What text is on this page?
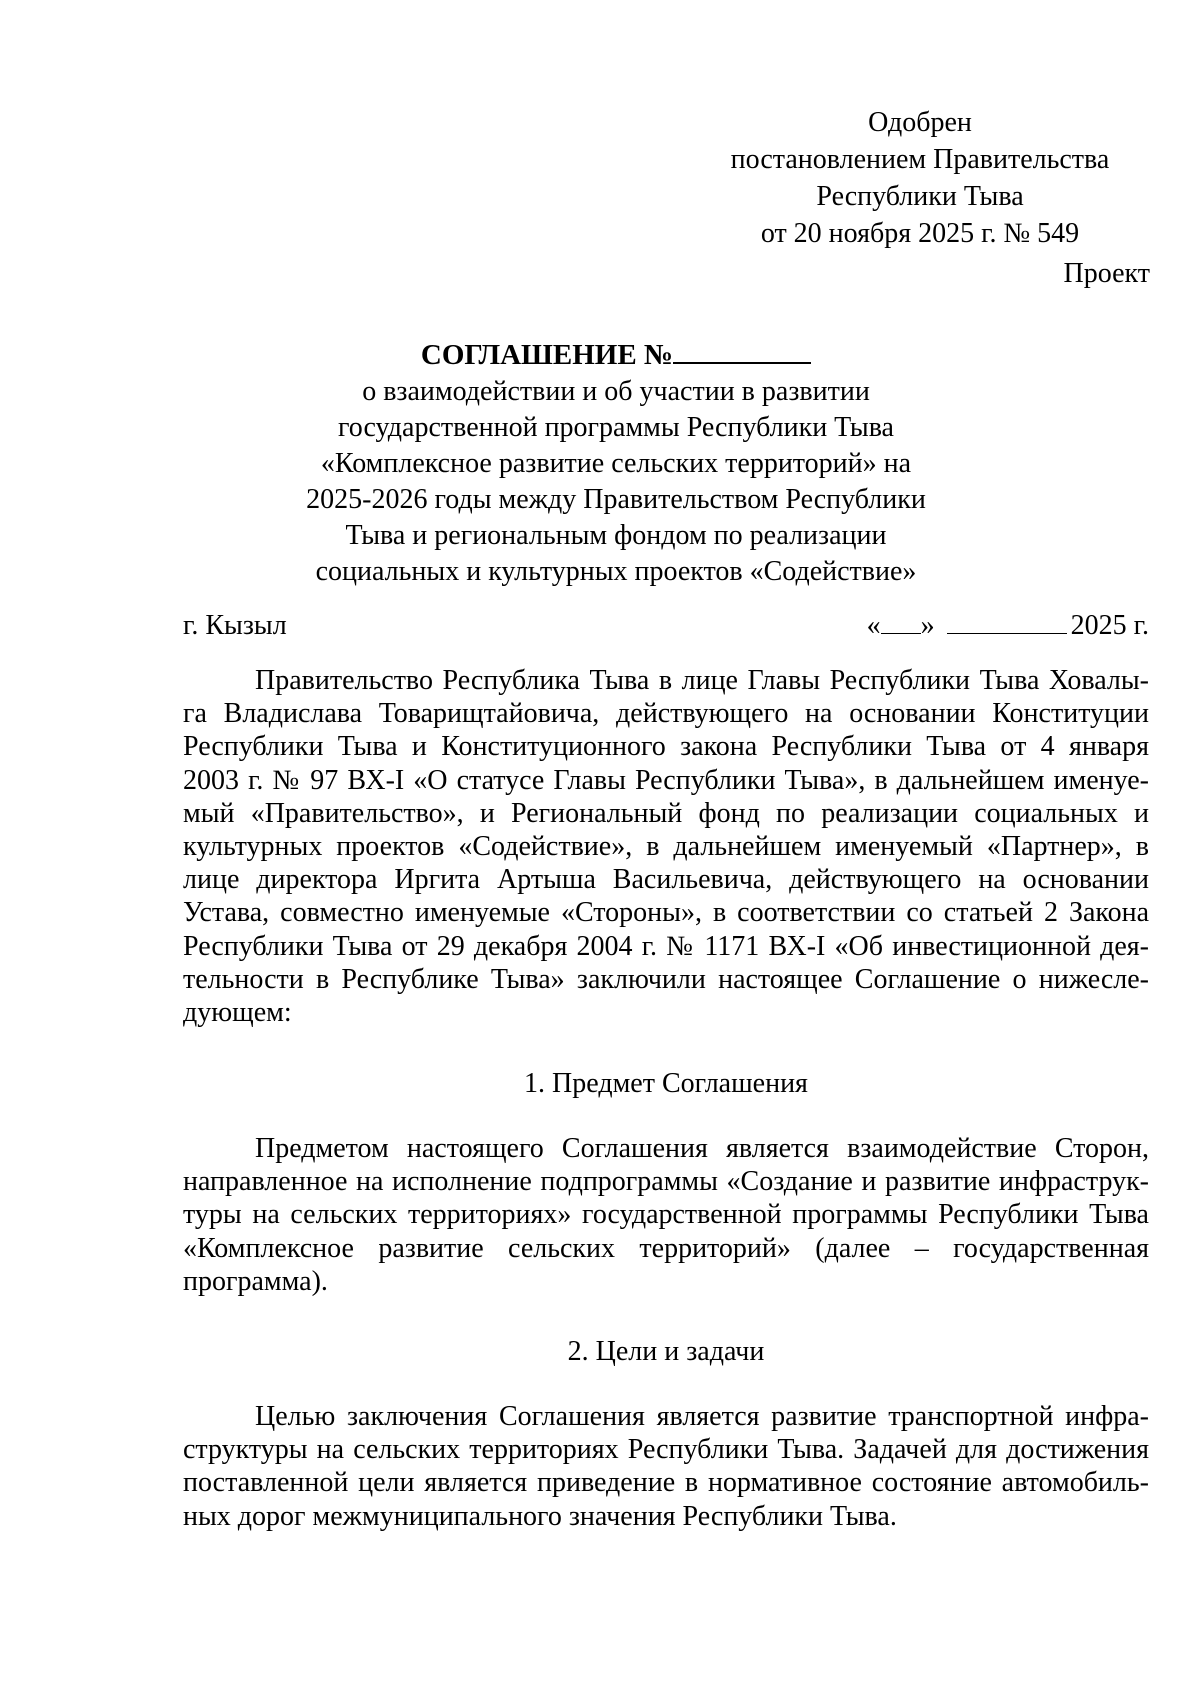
Одобрен
постановлением Правительства
Республики Тыва
от 20 ноября 2025 г. № 549
Проект
СОГЛАШЕНИЕ №
о взаимодействии и об участии в развитии
государственной программы Республики Тыва
«Комплексное развитие сельских территорий» на
2025-2026 годы между Правительством Республики
Тыва и региональным фондом по реализации
социальных и культурных проектов «Содействие»
г. Кызыл	« »	2025 г.
Правительство Республика Тыва в лице Главы Республики Тыва Ховалы-
га Владислава Товарищтайовича, действующего на основании Конституции
Республики Тыва и Конституционного закона Республики Тыва от 4 января
2003 г. № 97 ВХ-I «О статусе Главы Республики Тыва», в дальнейшем именуе-
мый «Правительство», и Региональный фонд по реализации социальных и
культурных проектов «Содействие», в дальнейшем именуемый «Партнер», в
лице директора Иргита Артыша Васильевича, действующего на основании
Устава, совместно именуемые «Стороны», в соответствии со статьей 2 Закона
Республики Тыва от 29 декабря 2004 г. № 1171 ВХ-I «Об инвестиционной дея-
тельности в Республике Тыва» заключили настоящее Соглашение о нижесле-
дующем:
1. Предмет Соглашения
Предметом настоящего Соглашения является взаимодействие Сторон,
направленное на исполнение подпрограммы «Создание и развитие инфраструк-
туры на сельских территориях» государственной программы Республики Тыва
«Комплексное развитие сельских территорий» (далее – государственная
программа).
2. Цели и задачи
Целью заключения Соглашения является развитие транспортной инфра-
структуры на сельских территориях Республики Тыва. Задачей для достижения
поставленной цели является приведение в нормативное состояние автомобиль-
ных дорог межмуниципального значения Республики Тыва.
